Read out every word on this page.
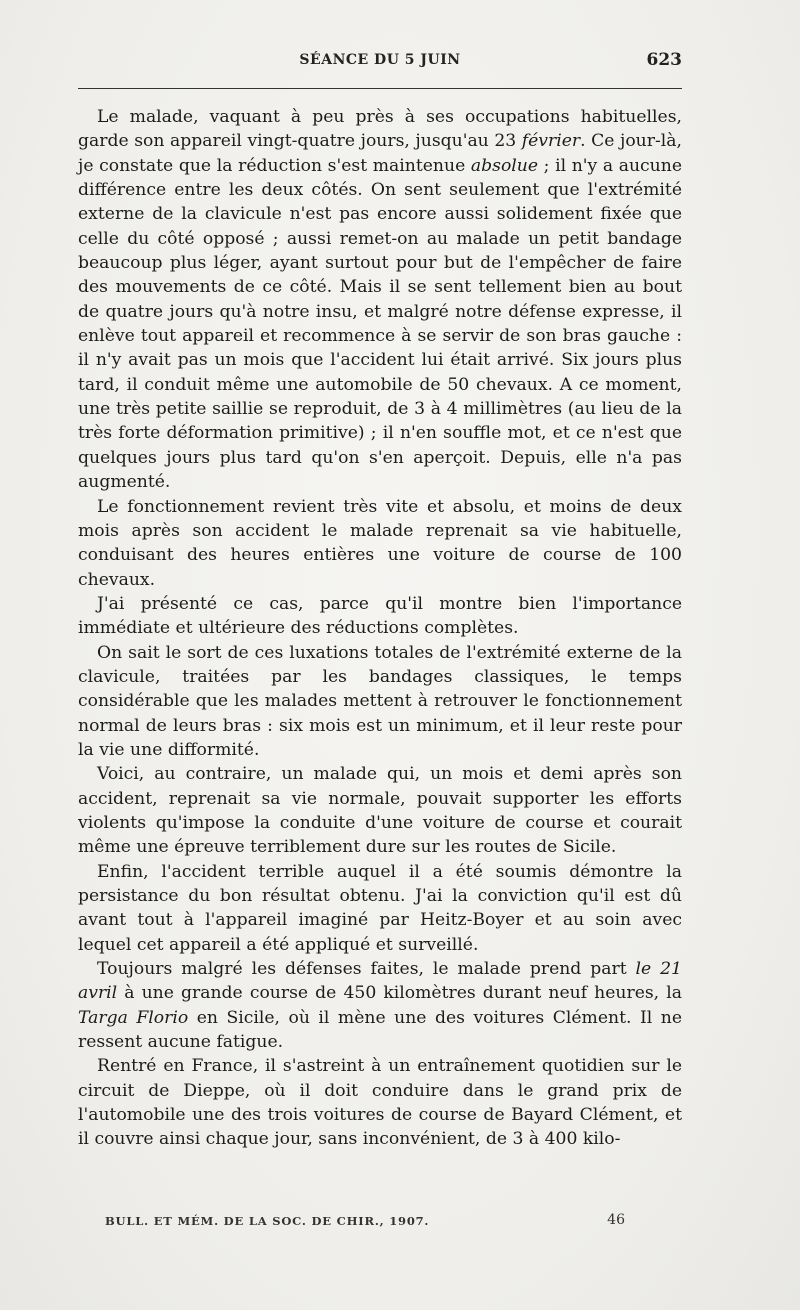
SÉANCE DU 5 JUIN	623

Le malade, vaquant à peu près à ses occupations habituelles, garde son appareil vingt-quatre jours, jusqu'au 23 février. Ce jour-là, je constate que la réduction s'est maintenue absolue ; il n'y a aucune différence entre les deux côtés. On sent seulement que l'extrémité externe de la clavicule n'est pas encore aussi solidement fixée que celle du côté opposé ; aussi remet-on au malade un petit bandage beaucoup plus léger, ayant surtout pour but de l'empêcher de faire des mouvements de ce côté. Mais il se sent tellement bien au bout de quatre jours qu'à notre insu, et malgré notre défense expresse, il enlève tout appareil et recommence à se servir de son bras gauche : il n'y avait pas un mois que l'accident lui était arrivé. Six jours plus tard, il conduit même une automobile de 50 chevaux. A ce moment, une très petite saillie se reproduit, de 3 à 4 millimètres (au lieu de la très forte déformation primitive) ; il n'en souffle mot, et ce n'est que quelques jours plus tard qu'on s'en aperçoit. Depuis, elle n'a pas augmenté.

Le fonctionnement revient très vite et absolu, et moins de deux mois après son accident le malade reprenait sa vie habituelle, conduisant des heures entières une voiture de course de 100 chevaux.

J'ai présenté ce cas, parce qu'il montre bien l'importance immédiate et ultérieure des réductions complètes.

On sait le sort de ces luxations totales de l'extrémité externe de la clavicule, traitées par les bandages classiques, le temps considérable que les malades mettent à retrouver le fonctionnement normal de leurs bras : six mois est un minimum, et il leur reste pour la vie une difformité.

Voici, au contraire, un malade qui, un mois et demi après son accident, reprenait sa vie normale, pouvait supporter les efforts violents qu'impose la conduite d'une voiture de course et courait même une épreuve terriblement dure sur les routes de Sicile.

Enfin, l'accident terrible auquel il a été soumis démontre la persistance du bon résultat obtenu. J'ai la conviction qu'il est dû avant tout à l'appareil imaginé par Heitz-Boyer et au soin avec lequel cet appareil a été appliqué et surveillé.

Toujours malgré les défenses faites, le malade prend part le 21 avril à une grande course de 450 kilomètres durant neuf heures, la Targa Florio en Sicile, où il mène une des voitures Clément. Il ne ressent aucune fatigue.

Rentré en France, il s'astreint à un entraînement quotidien sur le circuit de Dieppe, où il doit conduire dans le grand prix de l'automobile une des trois voitures de course de Bayard Clément, et il couvre ainsi chaque jour, sans inconvénient, de 3 à 400 kilo-

BULL. ET MÉM. DE LA SOC. DE CHIR., 1907.	46
